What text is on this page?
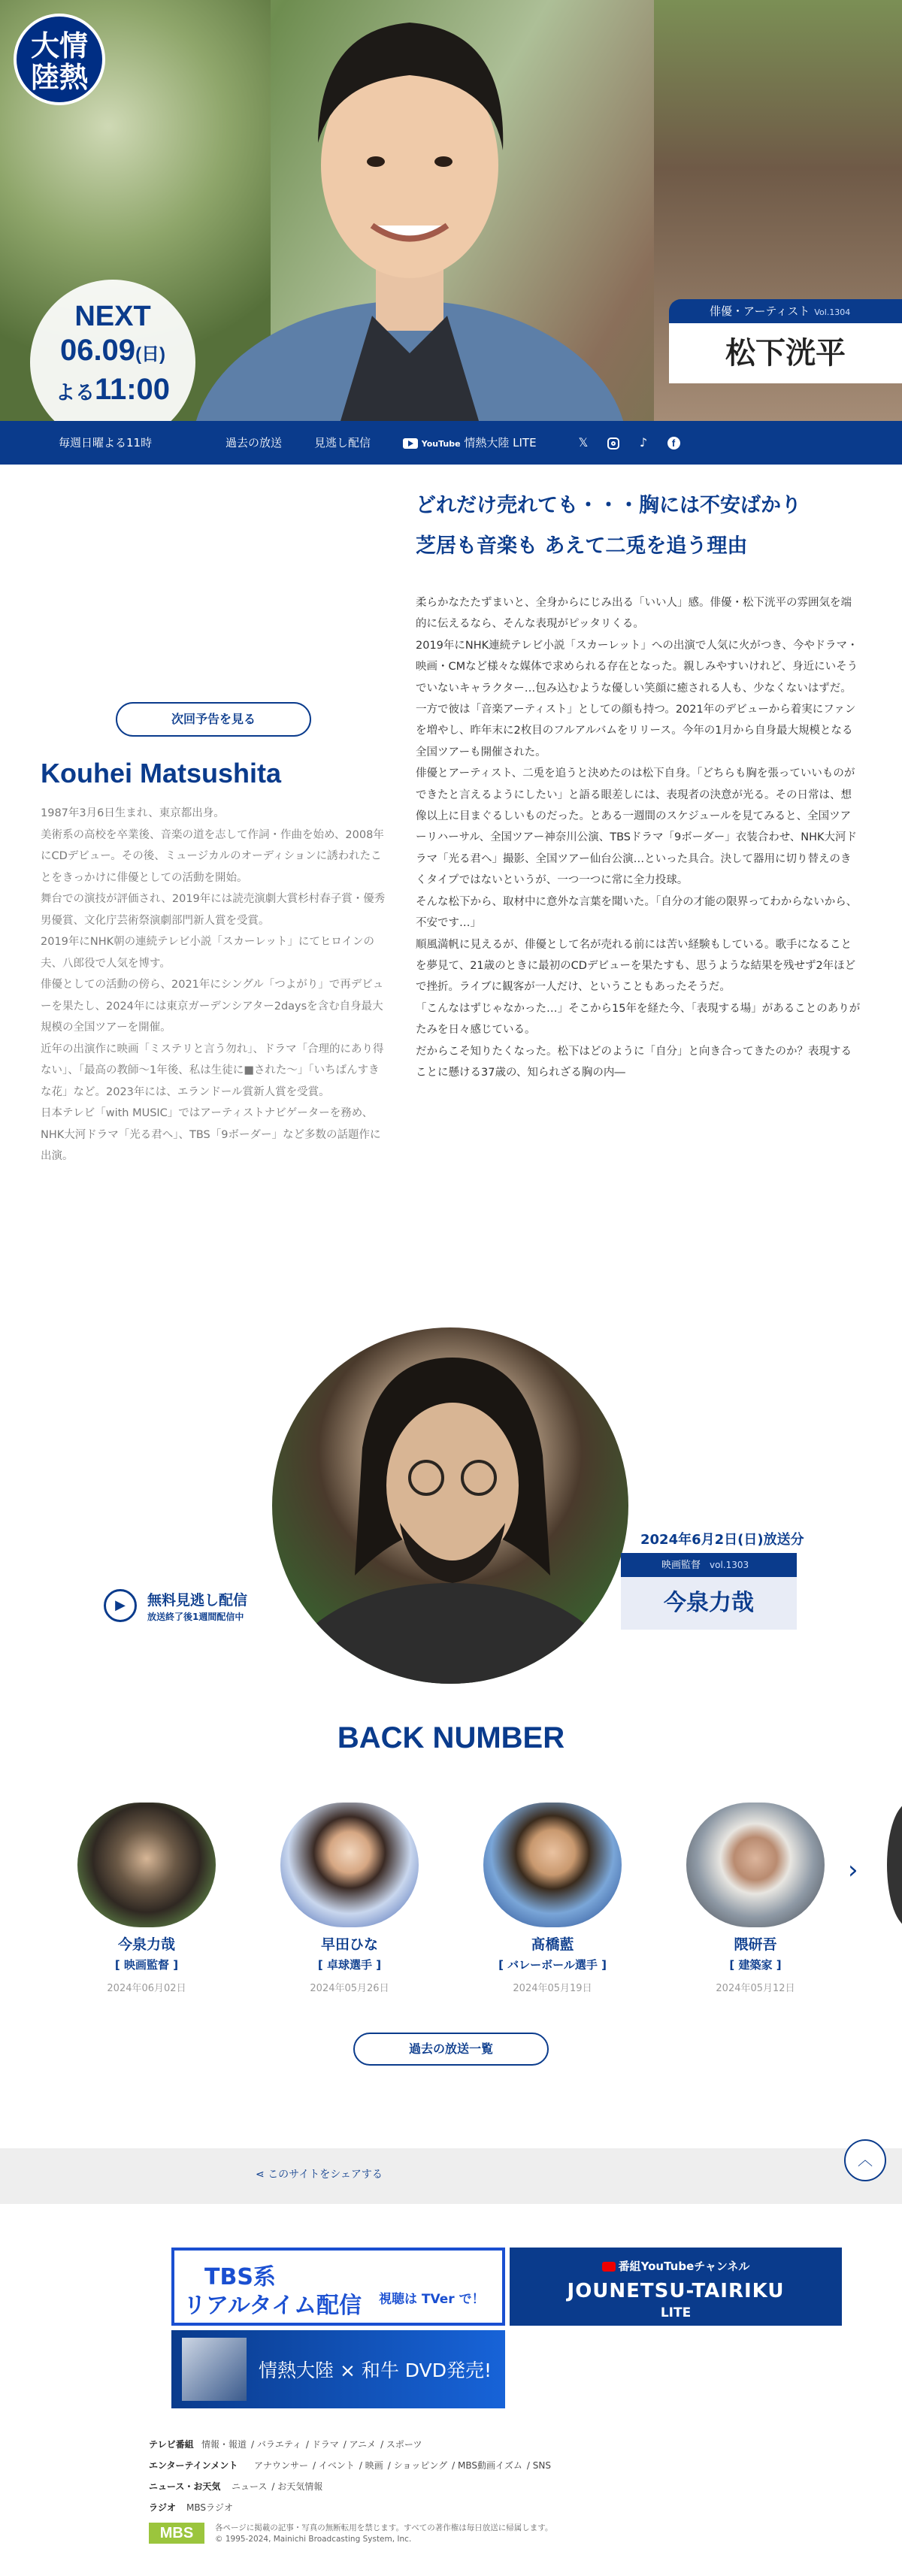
大情
陸熱
NEXT
06.09(日)
よる11:00
俳優・アーティスト Vol.1304
松下洸平
毎週日曜よる11時	過去の放送	見逃し配信	YouTube 情熱大陸 LITE	𝕏	♪	f
次回予告を見る
Kouhei Matsushita

1987年3月6日生まれ、東京都出身。

美術系の高校を卒業後、音楽の道を志して作詞・作曲を始め、2008年にCDデビュー。その後、ミュージカルのオーディションに誘われたことをきっかけに俳優としての活動を開始。

舞台での演技が評価され、2019年には読売演劇大賞杉村春子賞・優秀男優賞、文化庁芸術祭演劇部門新人賞を受賞。

2019年にNHK朝の連続テレビ小説「スカーレット」にてヒロインの夫、八郎役で人気を博す。

俳優としての活動の傍ら、2021年にシングル「つよがり」で再デビューを果たし、2024年には東京ガーデンシアター2daysを含む自身最大規模の全国ツアーを開催。

近年の出演作に映画「ミステリと言う勿れ」、ドラマ「合理的にあり得ない」、「最高の教師〜1年後、私は生徒に■された〜」「いちばんすきな花」など。2023年には、エランドール賞新人賞を受賞。

日本テレビ「with MUSIC」ではアーティストナビゲーターを務め、NHK大河ドラマ「光る君へ」、TBS「9ボーダー」など多数の話題作に出演。

どれだけ売れても・・・胸には不安ばかり
芝居も音楽も あえて二兎を追う理由

柔らかなたたずまいと、全身からにじみ出る「いい人」感。俳優・松下洸平の雰囲気を端的に伝えるなら、そんな表現がピッタリくる。

2019年にNHK連続テレビ小説「スカーレット」への出演で人気に火がつき、今やドラマ・映画・CMなど様々な媒体で求められる存在となった。親しみやすいけれど、身近にいそうでいないキャラクター…包み込むような優しい笑顔に癒される人も、少なくないはずだ。

一方で彼は「音楽アーティスト」としての顔も持つ。2021年のデビューから着実にファンを増やし、昨年末に2枚目のフルアルバムをリリース。今年の1月から自身最大規模となる全国ツアーも開催された。

俳優とアーティスト、二兎を追うと決めたのは松下自身。「どちらも胸を張っていいものができたと言えるようにしたい」と語る眼差しには、表現者の決意が光る。その日常は、想像以上に目まぐるしいものだった。とある一週間のスケジュールを見てみると、全国ツアーリハーサル、全国ツアー神奈川公演、TBSドラマ「9ボーダー」衣装合わせ、NHK大河ドラマ「光る君へ」撮影、全国ツアー仙台公演…といった具合。決して器用に切り替えのきくタイプではないというが、一つ一つに常に全力投球。

そんな松下から、取材中に意外な言葉を聞いた。「自分の才能の限界ってわからないから、不安です…」

順風満帆に見えるが、俳優として名が売れる前には苦い経験もしている。歌手になることを夢見て、21歳のときに最初のCDデビューを果たすも、思うような結果を残せず2年ほどで挫折。ライブに観客が一人だけ、ということもあったそうだ。

「こんなはずじゃなかった…」そこから15年を経た今、「表現する場」があることのありがたみを日々感じている。

だからこそ知りたくなった。松下はどのように「自分」と向き合ってきたのか？表現することに懸ける37歳の、知られざる胸の内―

▶	無料見逃し配信
放送終了後1週間配信中
2024年6月2日(日)放送分
映画監督 vol.1303
今泉力哉
BACK NUMBER
今泉力哉
[ 映画監督 ]
2024年06月02日
早田ひな
[ 卓球選手 ]
2024年05月26日
髙橋藍
[ バレーボール選手 ]
2024年05月19日
隈研吾
[ 建築家 ]
2024年05月12日
›
過去の放送一覧
⋖ このサイトをシェアする
︿
TBS系
リアルタイム配信 視聴は TVer で！
番組YouTubeチャンネル
JOUNETSU-TAIRIKU
LITE
情熱大陸 × 和牛 DVD発売!
テレビ番組 情報・報道 / バラエティ / ドラマ / アニメ / スポーツ
エンターテインメント アナウンサー / イベント / 映画 / ショッピング / MBS動画イズム / SNS
ニュース・お天気 ニュース / お天気情報
ラジオ MBSラジオ
MBS	各ページに掲載の記事・写真の無断転用を禁じます。すべての著作権は毎日放送に帰属します。
© 1995-2024, Mainichi Broadcasting System, Inc.
